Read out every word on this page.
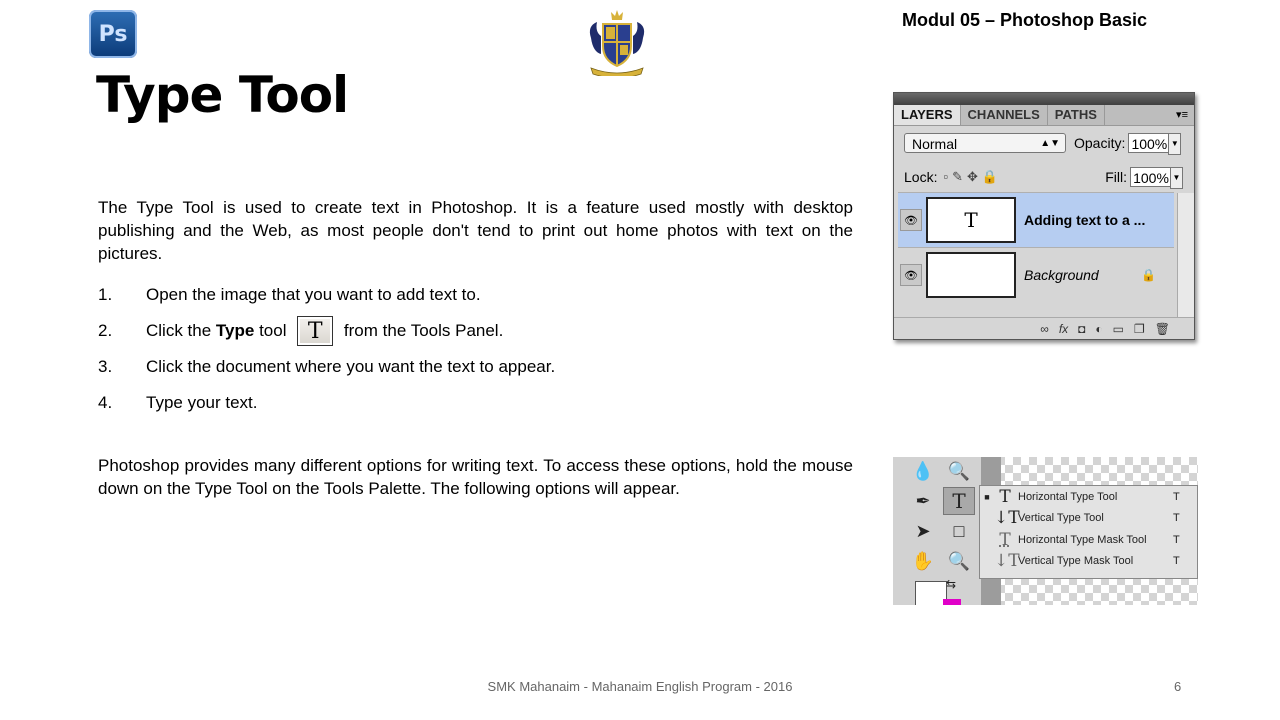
Ps
Modul 05 – Photoshop Basic
Type Tool

The Type Tool is used to create text in Photoshop. It is a feature used mostly with desktop publishing and the Web, as most people don't tend to print out home photos with text on the pictures.

1.	Open the image that you want to add text to.
2.	Click the Type tool T from the Tools Panel.
3.	Click the document where you want the text to appear.
4.	Type your text.

Photoshop provides many different options for writing text. To access these options, hold the mouse down on the Type Tool on the Tools Palette. The following options will appear.

LAYERS	CHANNELS	PATHS	▾≡
Normal	▲▼ Opacity: 100% ▼
Lock: ▫✎✥🔒	Fill: 100% ▼
👁	T	Adding text to a ...
👁	Background	🔒
∞ fx ◘ ◐ ▭ ❐ 🗑
💧 🔍
✒	T
➤	□
✋ 🔍
⇆
■ T Horizontal Type Tool	T
↓T
Vertical Type Tool	T
T Horizontal Type Mask Tool	T
↓T
Vertical Type Mask Tool	T
SMK Mahanaim - Mahanaim English Program - 2016	6
